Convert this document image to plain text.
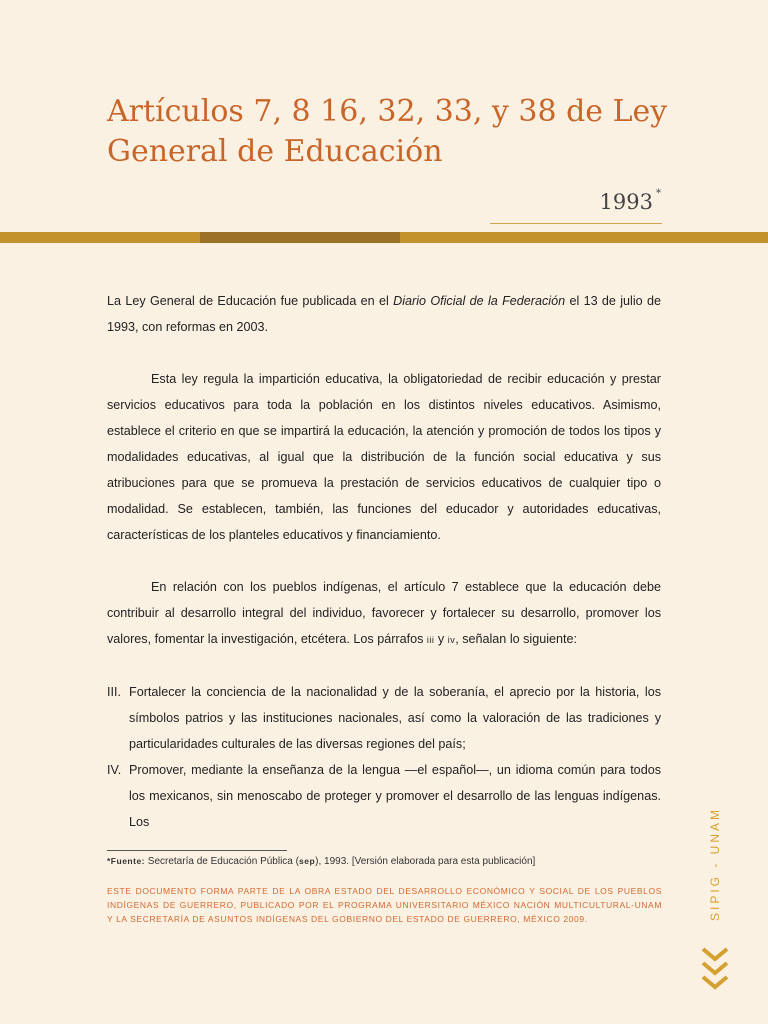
Artículos 7, 8 16, 32, 33, y 38 de Ley General de Educación
1993 *

La Ley General de Educación fue publicada en el Diario Oficial de la Federación el 13 de julio de 1993, con reformas en 2003.

Esta ley regula la impartición educativa, la obligatoriedad de recibir educación y prestar servicios educativos para toda la población en los distintos niveles educativos. Asimismo, establece el criterio en que se impartirá la educación, la atención y promoción de todos los tipos y modalidades educativas, al igual que la distribución de la función social educativa y sus atribuciones para que se promueva la prestación de servicios educativos de cualquier tipo o modalidad. Se establecen, también, las funciones del educador y autoridades educativas, características de los planteles educativos y financiamiento.

En relación con los pueblos indígenas, el artículo 7 establece que la educación debe contribuir al desarrollo integral del individuo, favorecer y fortalecer su desarrollo, promover los valores, fomentar la investigación, etcétera. Los párrafos iii y iv, señalan lo siguiente:

III. Fortalecer la conciencia de la nacionalidad y de la soberanía, el aprecio por la historia, los símbolos patrios y las instituciones nacionales, así como la valoración de las tradiciones y particularidades culturales de las diversas regiones del país;
IV. Promover, mediante la enseñanza de la lengua —el español—, un idioma común para todos los mexicanos, sin menoscabo de proteger y promover el desarrollo de las lenguas indígenas. Los
*Fuente: Secretaría de Educación Pública (sep), 1993. [Versión elaborada para esta publicación]
ESTE DOCUMENTO FORMA PARTE DE LA OBRA ESTADO DEL DESARROLLO ECONÓMICO Y SOCIAL DE LOS PUEBLOS INDÍGENAS DE GUERRERO, PUBLICADO POR EL PROGRAMA UNIVERSITARIO MÉXICO NACIÓN MULTICULTURAL-UNAM Y LA SECRETARÍA DE ASUNTOS INDÍGENAS DEL GOBIERNO DEL ESTADO DE GUERRERO, MÉXICO 2009.	SIPIG - UNAM
